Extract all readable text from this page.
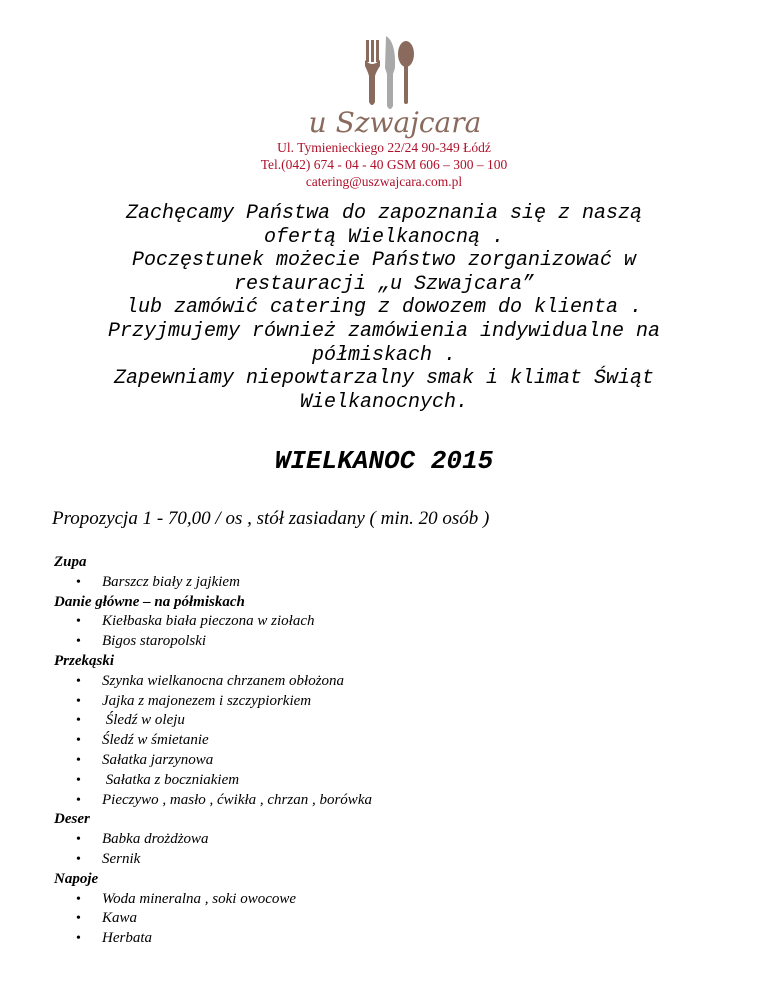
u Szwajcara
Ul. Tymienieckiego 22/24 90-349 Łódź
Tel.(042) 674 - 04 - 40 GSM 606 – 300 – 100
catering@uszwajcara.com.pl
Zachęcamy Państwa do zapoznania się z naszą
ofertą Wielkanocną .
Poczęstunek możecie Państwo zorganizować w
restauracji „u Szwajcara”
lub zamówić catering z dowozem do klienta .
Przyjmujemy również zamówienia indywidualne na
półmiskach .
Zapewniamy niepowtarzalny smak i klimat Świąt
Wielkanocnych.
WIELKANOC 2015
Propozycja 1 - 70,00 / os , stół zasiadany ( min. 20 osób )
Zupa
• Barszcz biały z jajkiem
Danie główne – na półmiskach
• Kiełbaska biała pieczona w ziołach
• Bigos staropolski
Przekąski
• Szynka wielkanocna chrzanem obłożona
• Jajka z majonezem i szczypiorkiem
• Śledź w oleju
• Śledź w śmietanie
• Sałatka jarzynowa
• Sałatka z boczniakiem
• Pieczywo , masło , ćwikła , chrzan , borówka
Deser
• Babka drożdżowa
• Sernik
Napoje
• Woda mineralna , soki owocowe
• Kawa
• Herbata
